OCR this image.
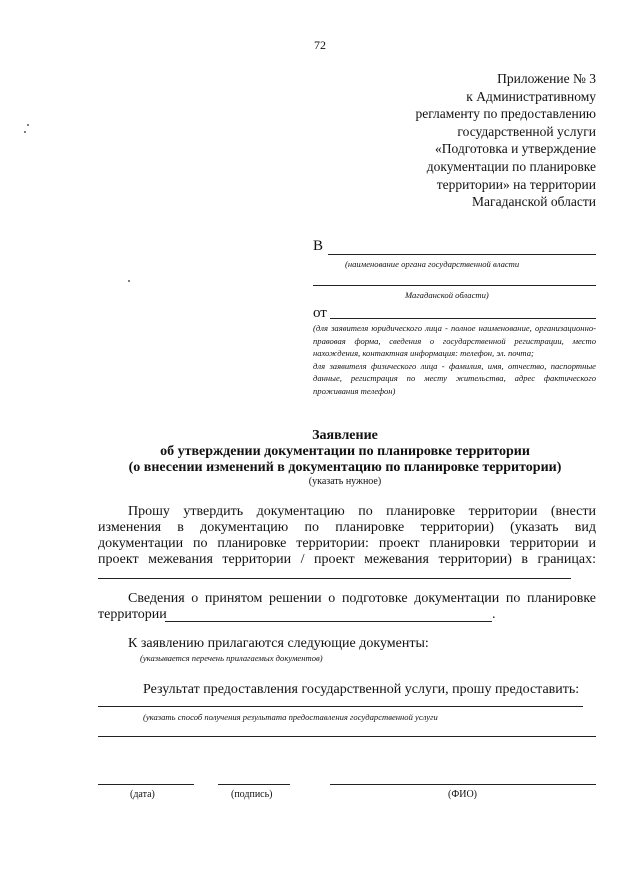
72
Приложение № 3
к Административному
регламенту по предоставлению
государственной услуги
«Подготовка и утверждение
документации по планировке
территории» на территории
Магаданской области
В
(наименование органа государственной власти
Магаданской области)
от
(для заявителя юридического лица - полное наименование, организационно-правовая форма, сведения о государственной регистрации, место нахождения, контактная информация: телефон, эл. почта;
для заявителя физического лица - фамилия, имя, отчество, паспортные данные, регистрация по месту жительства, адрес фактического проживания телефон)
Заявление
об утверждении документации по планировке территории
(о внесении изменений в документацию по планировке территории)
(указать нужное)
Прошу утвердить документацию по планировке территории (внести
изменения в документацию по планировке территории) (указать вид
документации по планировке территории: проект планировки территории и
проект межевания территории / проект межевания территории) в границах:
Сведения о принятом решении о подготовке документации по планировке
территории	.
К заявлению прилагаются следующие документы:
(указывается перечень прилагаемых документов)
Результат предоставления государственной услуги, прошу предоставить:
(указать способ получения результата предоставления государственной услуги
(дата)	(подпись)	(ФИО)
